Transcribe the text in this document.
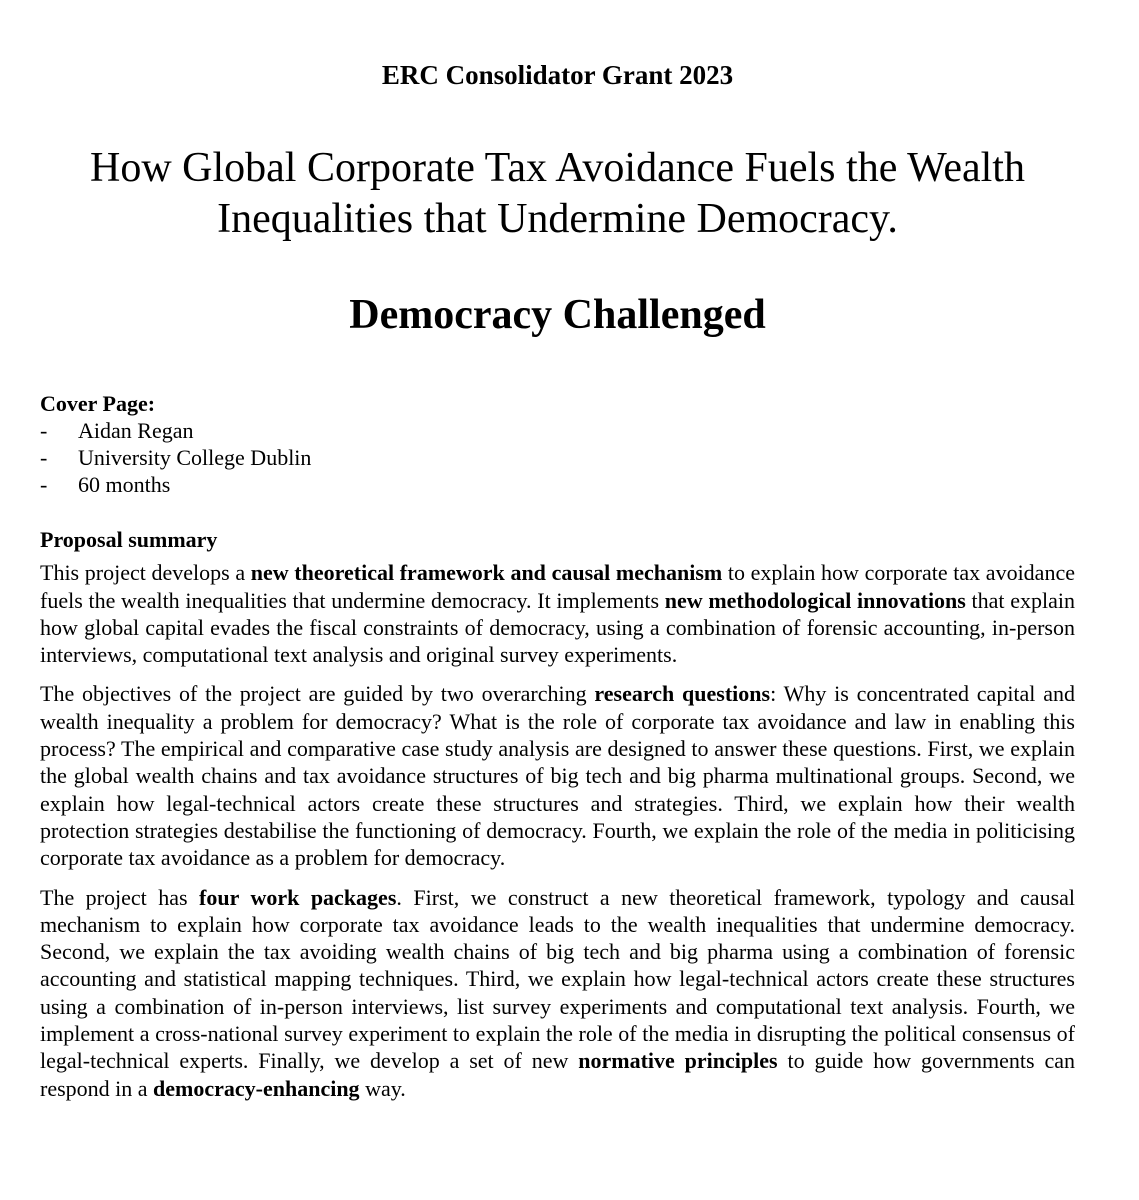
ERC Consolidator Grant 2023
How Global Corporate Tax Avoidance Fuels the Wealth
Inequalities that Undermine Democracy.
Democracy Challenged
Cover Page:
-	Aidan Regan
-	University College Dublin
-	60 months
Proposal summary

This project develops a new theoretical framework and causal mechanism to explain how corporate tax avoidance fuels the wealth inequalities that undermine democracy. It implements new methodological innovations that explain how global capital evades the fiscal constraints of democracy, using a combination of forensic accounting, in-person interviews, computational text analysis and original survey experiments.

The objectives of the project are guided by two overarching research questions: Why is concentrated capital and wealth inequality a problem for democracy? What is the role of corporate tax avoidance and law in enabling this process? The empirical and comparative case study analysis are designed to answer these questions. First, we explain the global wealth chains and tax avoidance structures of big tech and big pharma multinational groups. Second, we explain how legal-technical actors create these structures and strategies. Third, we explain how their wealth protection strategies destabilise the functioning of democracy. Fourth, we explain the role of the media in politicising corporate tax avoidance as a problem for democracy.

The project has four work packages. First, we construct a new theoretical framework, typology and causal mechanism to explain how corporate tax avoidance leads to the wealth inequalities that undermine democracy. Second, we explain the tax avoiding wealth chains of big tech and big pharma using a combination of forensic accounting and statistical mapping techniques. Third, we explain how legal-technical actors create these structures using a combination of in-person interviews, list survey experiments and computational text analysis. Fourth, we implement a cross-national survey experiment to explain the role of the media in disrupting the political consensus of legal-technical experts. Finally, we develop a set of new normative principles to guide how governments can respond in a democracy-enhancing way.
